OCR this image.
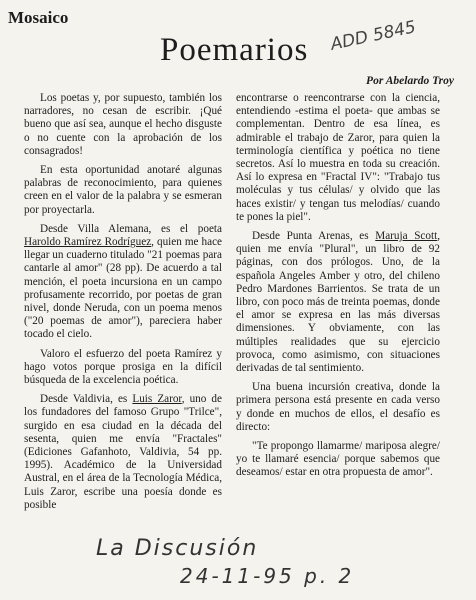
Mosaico
Poemarios ADD 5845
Por Abelardo Troy

Los poetas y, por supuesto, también los narradores, no cesan de escribir. ¡Qué bueno que así sea, aunque el hecho disguste o no cuente con la aprobación de los consagrados!

En esta oportunidad anotaré algunas palabras de reconocimiento, para quienes creen en el valor de la palabra y se esmeran por proyectarla.

Desde Villa Alemana, es el poeta Haroldo Ramírez Rodríguez, quien me hace llegar un cuaderno titulado "21 poemas para cantarle al amor" (28 pp). De acuerdo a tal mención, el poeta incursiona en un campo profusamente recorrido, por poetas de gran nivel, donde Neruda, con un poema menos ("20 poemas de amor"), pareciera haber tocado el cielo.

Valoro el esfuerzo del poeta Ramírez y hago votos porque prosiga en la difícil búsqueda de la excelencia poética.

Desde Valdivia, es Luis Zaror, uno de los fundadores del famoso Grupo "Trilce", surgido en esa ciudad en la década del sesenta, quien me envía "Fractales" (Ediciones Gafanhoto, Valdivia, 54 pp. 1995). Académico de la Universidad Austral, en el área de la Tecnología Médica, Luis Zaror, escribe una poesía donde es posible

encontrarse o reencontrarse con la ciencia, entendiendo -estima el poeta- que ambas se complementan. Dentro de esa línea, es admirable el trabajo de Zaror, para quien la terminología científica y poética no tiene secretos. Así lo muestra en toda su creación. Así lo expresa en "Fractal IV": "Trabajo tus moléculas y tus células/ y olvido que las haces existir/ y tengan tus melodías/ cuando te pones la piel".

Desde Punta Arenas, es Maruja Scott, quien me envía "Plural", un libro de 92 páginas, con dos prólogos. Uno, de la española Angeles Amber y otro, del chileno Pedro Mardones Barrientos. Se trata de un libro, con poco más de treinta poemas, donde el amor se expresa en las más diversas dimensiones. Y obviamente, con las múltiples realidades que su ejercicio provoca, como asimismo, con situaciones derivadas de tal sentimiento.

Una buena incursión creativa, donde la primera persona está presente en cada verso y donde en muchos de ellos, el desafío es directo:

"Te propongo llamarme/ mariposa alegre/ yo te llamaré esencia/ porque sabemos que deseamos/ estar en otra propuesta de amor".

La Discusión
24-11-95 p. 2
